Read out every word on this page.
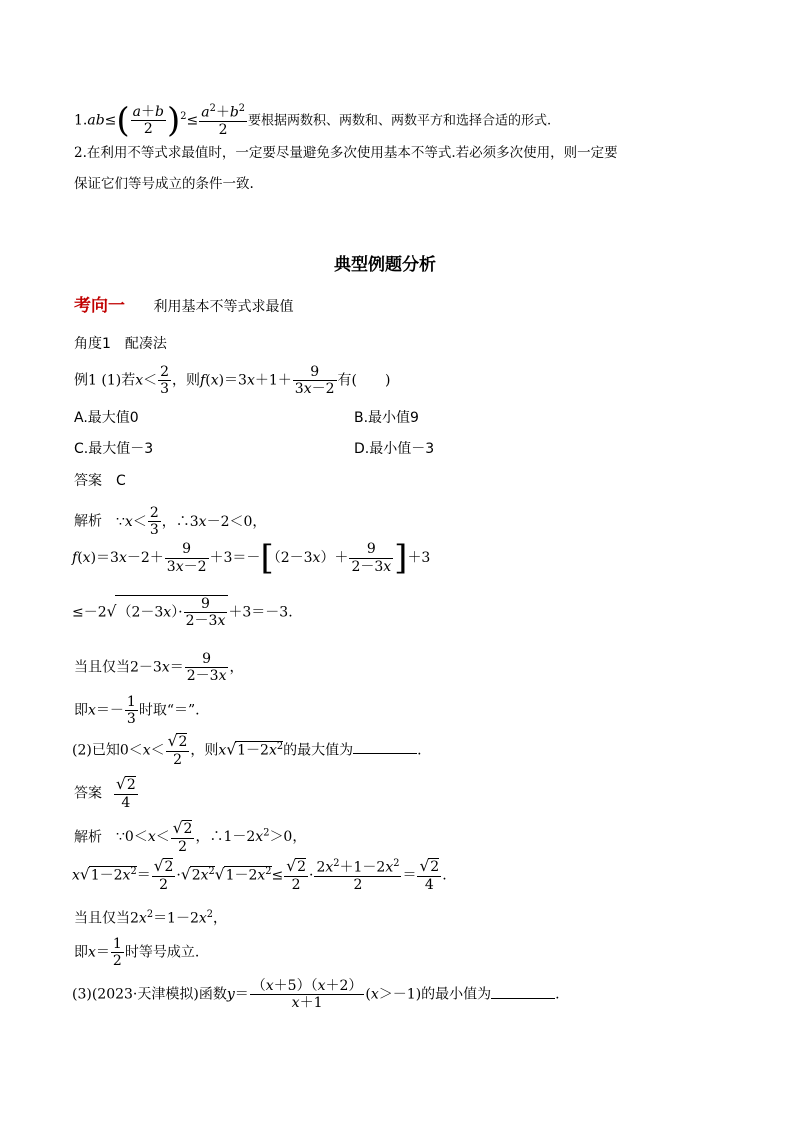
$1.ab\le( \frac{a+b}{2} )^2\le \frac{a^2+b^2}{2}$ 要根据两数积、两数和、两数平方和选择合适的形式.
2.在利用不等式求最值时，一定要尽量避免多次使用基本不等式.若必须多次使用，则一定要
保证它们等号成立的条件一致.
典型例题分析
考向一 利用基本不等式求最值
角度1　配凑法
例1 (1)若$x< \frac{2}{3}$ ，则$f(x)=3x+1+ \frac{9}{3x-2}$ 有(　　)
A.最大值0	B.最小值9
C.最大值－3	D.最小值－3
答案 C
解析 ∵x＜ $\frac{2}{3}$ ，∴3x－2＜0，
$f(x)=3x-2+ \frac{9}{3x-2} +3=-[(2-3x)+ \frac{9}{2-3x} ]+3$
$\le-2√(2-3x)\cdot \frac{9}{2-3x} +3=-3$.
当且仅当$2-3x= \frac{9}{2-3x}$ ，
即$x=- \frac{1}{3}$ 时取“＝”.
(2)已知$0<x< \frac{√2}{2}$ ，则$x√1-2x^2$的最大值为	.
答案 $\frac{√2}{4}$
解析 ∵0＜x＜ $\frac{√2}{2}$ ，$\therefore 1-2x^2>0$，
$x√1-2x^2= \frac{√2}{2} \cdot√2x^2√1-2x^2\le \frac{√2}{2} \cdot \frac{2x^2+1-2x^2}{2} = \frac{√2}{4}$ .
当且仅当$2x^2=1-2x^2$，
即$x= \frac{1}{2}$ 时等号成立.
(3)(2023·天津模拟)函数$y= \frac{(x+5)(x+2)}{x+1} (x>-1)$的最小值为	.
